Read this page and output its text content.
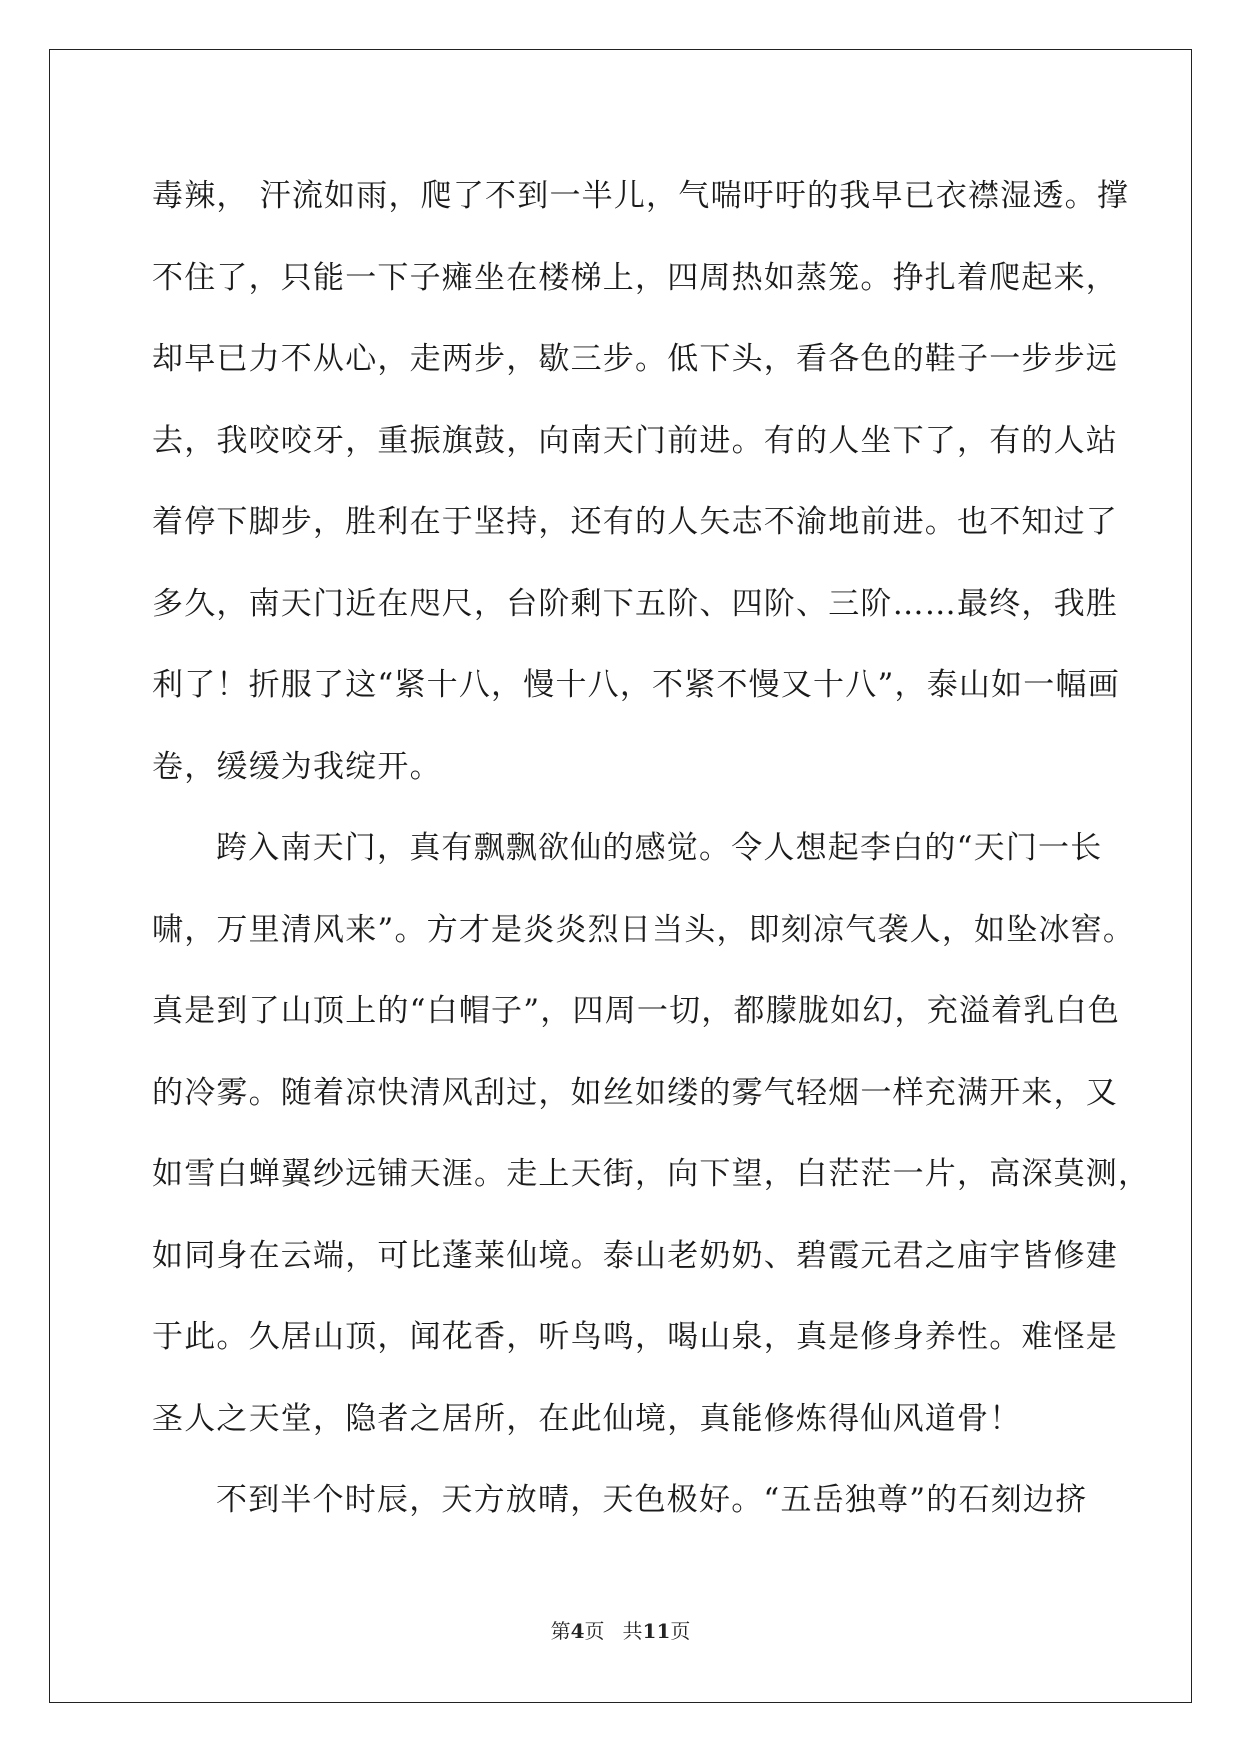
毒辣， 汗流如雨，爬了不到一半儿，气喘吁吁的我早已衣襟湿透。撑
不住了，只能一下子瘫坐在楼梯上，四周热如蒸笼。挣扎着爬起来，
却早已力不从心，走两步，歇三步。低下头，看各色的鞋子一步步远
去，我咬咬牙，重振旗鼓，向南天门前进。有的人坐下了，有的人站
着停下脚步，胜利在于坚持，还有的人矢志不渝地前进。也不知过了
多久，南天门近在咫尺，台阶剩下五阶、四阶、三阶……最终，我胜
利了！折服了这“紧十八，慢十八，不紧不慢又十八”，泰山如一幅画
卷，缓缓为我绽开。
跨入南天门，真有飘飘欲仙的感觉。令人想起李白的“天门一长
啸，万里清风来”。方才是炎炎烈日当头，即刻凉气袭人，如坠冰窖。
真是到了山顶上的“白帽子”，四周一切，都朦胧如幻，充溢着乳白色
的冷雾。随着凉快清风刮过，如丝如缕的雾气轻烟一样充满开来，又
如雪白蝉翼纱远铺天涯。走上天街，向下望，白茫茫一片，高深莫测，
如同身在云端，可比蓬莱仙境。泰山老奶奶、碧霞元君之庙宇皆修建
于此。久居山顶，闻花香，听鸟鸣，喝山泉，真是修身养性。难怪是
圣人之天堂，隐者之居所，在此仙境，真能修炼得仙风道骨！
不到半个时辰，天方放晴，天色极好。“五岳独尊”的石刻边挤
第4页 共11页
